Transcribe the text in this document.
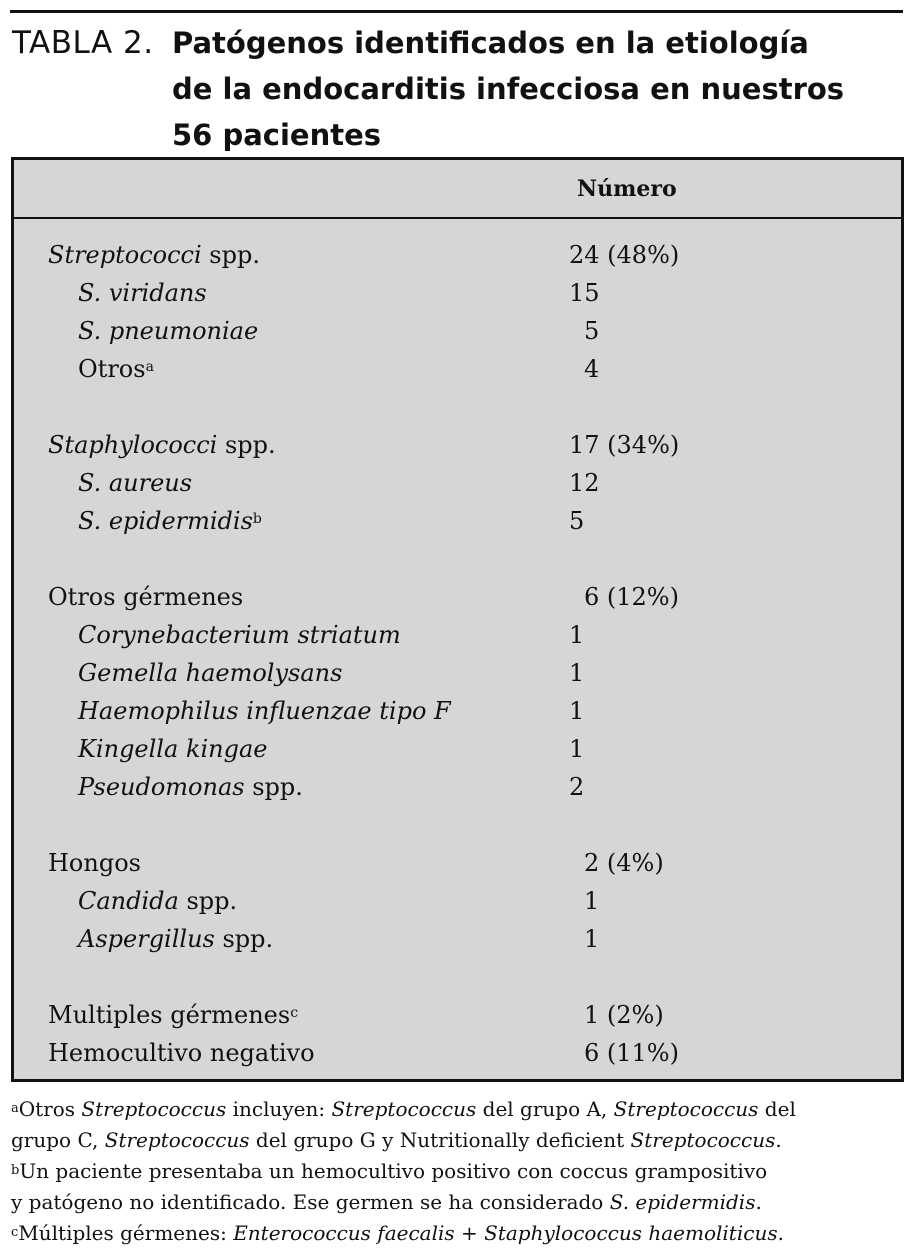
TABLA 2. Patógenos identificados en la etiología
de la endocarditis infecciosa en nuestros
56 pacientes
Número
Streptococci spp.	24 (48%)
S. viridans	15
S. pneumoniae	5
Otros$^a$	4
Staphylococci spp.	17 (34%)
S. aureus	12
S. epidermidis$^b$	5
Otros gérmenes	6 (12%)
Corynebacterium striatum	1
Gemella haemolysans	1
Haemophilus influenzae tipo F	1
Kingella kingae	1
Pseudomonas spp.	2
Hongos	2 (4%)
Candida spp.	1
Aspergillus spp.	1
Multiples gérmenes$^c$	1 (2%)
Hemocultivo negativo	6 (11%)
$^a$Otros Streptococcus incluyen: Streptococcus del grupo A, Streptococcus del
grupo C, Streptococcus del grupo G y Nutritionally deficient Streptococcus.
$^b$Un paciente presentaba un hemocultivo positivo con coccus grampositivo
y patógeno no identificado. Ese germen se ha considerado S. epidermidis.
$^c$Múltiples gérmenes: Enterococcus faecalis + Staphylococcus haemoliticus.
